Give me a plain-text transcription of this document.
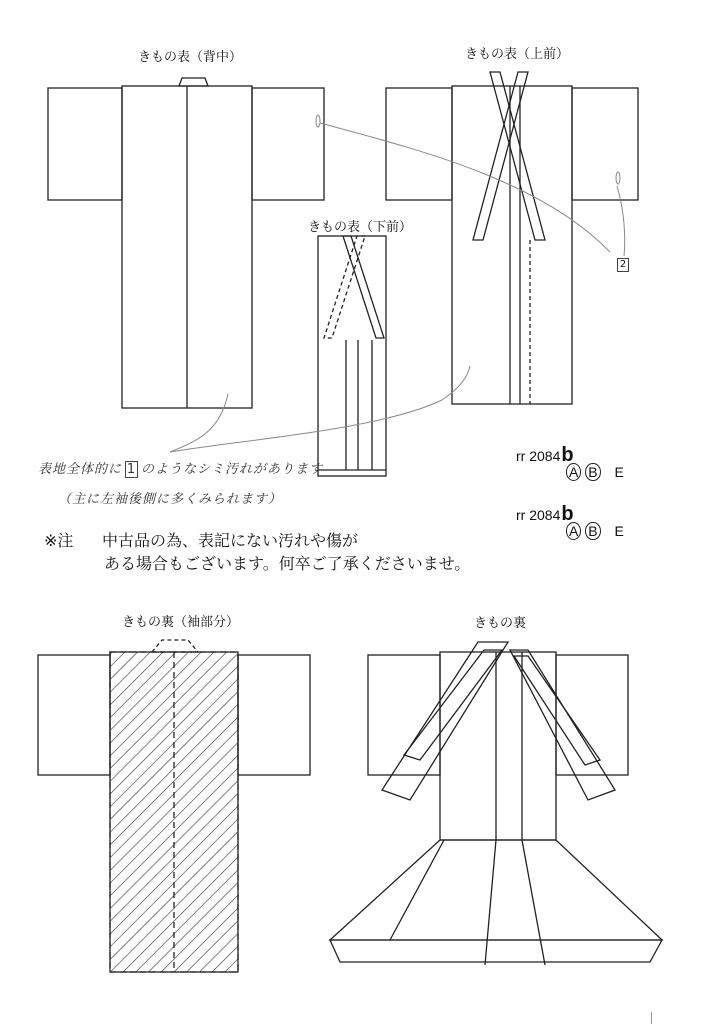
きもの表（背中）	きもの表（上前）
きもの表（下前）
きもの裏（袖部分）	きもの裏
2
表地全体的に 1 のようなシミ汚れがあります
（主に左袖後側に多くみられます）
※注 中古品の為、表記にない汚れや傷が
ある場合もございます。何卒ご了承くださいませ。
rr 2084b
A B E
rr 2084b
A B E
